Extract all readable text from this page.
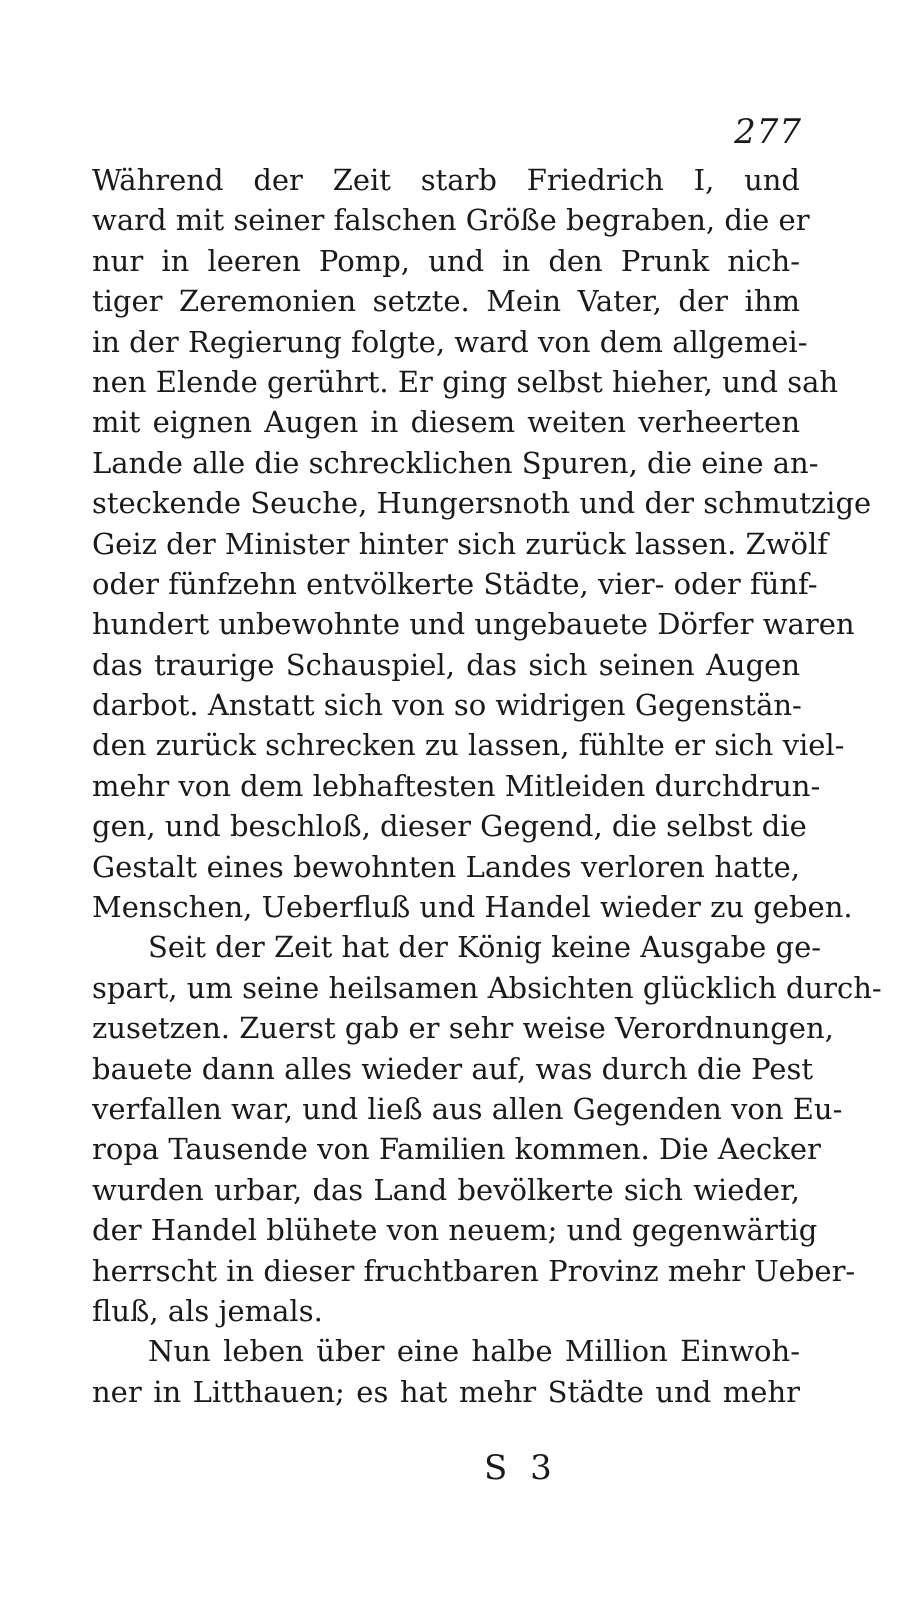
277
Während der Zeit starb Friedrich I, und
ward mit seiner falschen Größe begraben, die er
nur in leeren Pomp, und in den Prunk nich-
tiger Zeremonien setzte. Mein Vater, der ihm
in der Regierung folgte, ward von dem allgemei-
nen Elende gerührt. Er ging selbst hieher, und sah
mit eignen Augen in diesem weiten verheerten
Lande alle die schrecklichen Spuren, die eine an-
steckende Seuche, Hungersnoth und der schmutzige
Geiz der Minister hinter sich zurück lassen. Zwölf
oder fünfzehn entvölkerte Städte, vier- oder fünf-
hundert unbewohnte und ungebauete Dörfer waren
das traurige Schauspiel, das sich seinen Augen
darbot. Anstatt sich von so widrigen Gegenstän-
den zurück schrecken zu lassen, fühlte er sich viel-
mehr von dem lebhaftesten Mitleiden durchdrun-
gen, und beschloß, dieser Gegend, die selbst die
Gestalt eines bewohnten Landes verloren hatte,
Menschen, Ueberfluß und Handel wieder zu geben.
Seit der Zeit hat der König keine Ausgabe ge-
spart, um seine heilsamen Absichten glücklich durch-
zusetzen. Zuerst gab er sehr weise Verordnungen,
bauete dann alles wieder auf, was durch die Pest
verfallen war, und ließ aus allen Gegenden von Eu-
ropa Tausende von Familien kommen. Die Aecker
wurden urbar, das Land bevölkerte sich wieder,
der Handel blühete von neuem; und gegenwärtig
herrscht in dieser fruchtbaren Provinz mehr Ueber-
fluß, als jemals.
Nun leben über eine halbe Million Einwoh-
ner in Litthauen; es hat mehr Städte und mehr
S 3
